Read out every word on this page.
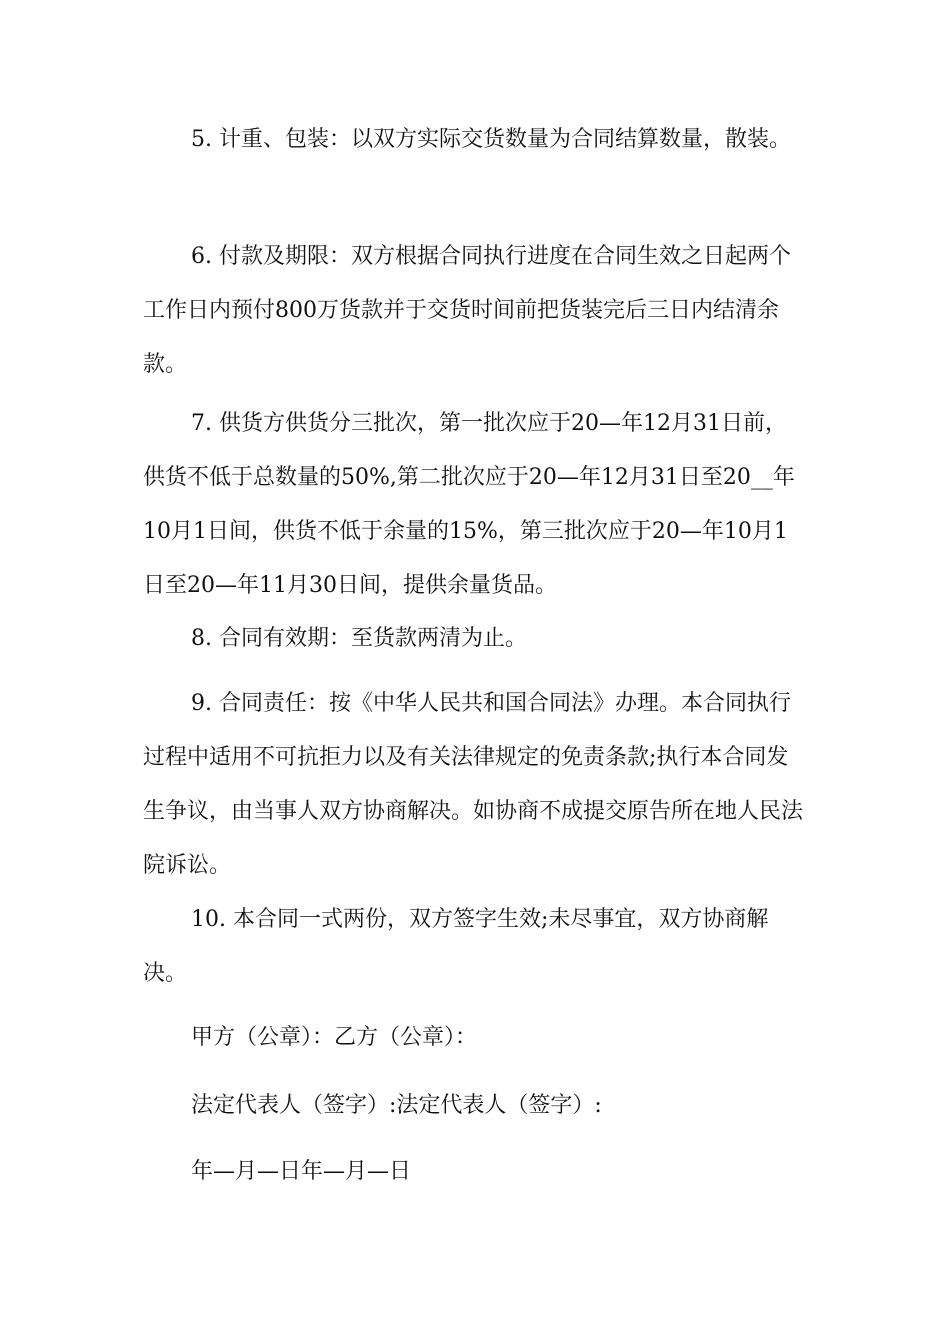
5. 计重、包装：以双方实际交货数量为合同结算数量，散装。

6. 付款及期限：双方根据合同执行进度在合同生效之日起两个工作日内预付800万货款并于交货时间前把货装完后三日内结清余款。

7. 供货方供货分三批次，第一批次应于20—年12月31日前，供货不低于总数量的50%,第二批次应于20—年12月31日至20__年10月1日间，供货不低于余量的15%，第三批次应于20—年10月1日至20—年11月30日间，提供余量货品。

8. 合同有效期：至货款两清为止。

9. 合同责任：按《中华人民共和国合同法》办理。本合同执行过程中适用不可抗拒力以及有关法律规定的免责条款;执行本合同发生争议，由当事人双方协商解决。如协商不成提交原告所在地人民法院诉讼。

10. 本合同一式两份，双方签字生效;未尽事宜，双方协商解决。

甲方（公章）：乙方（公章）：

法定代表人（签字）:法定代表人（签字）:

年—月—日年—月—日
